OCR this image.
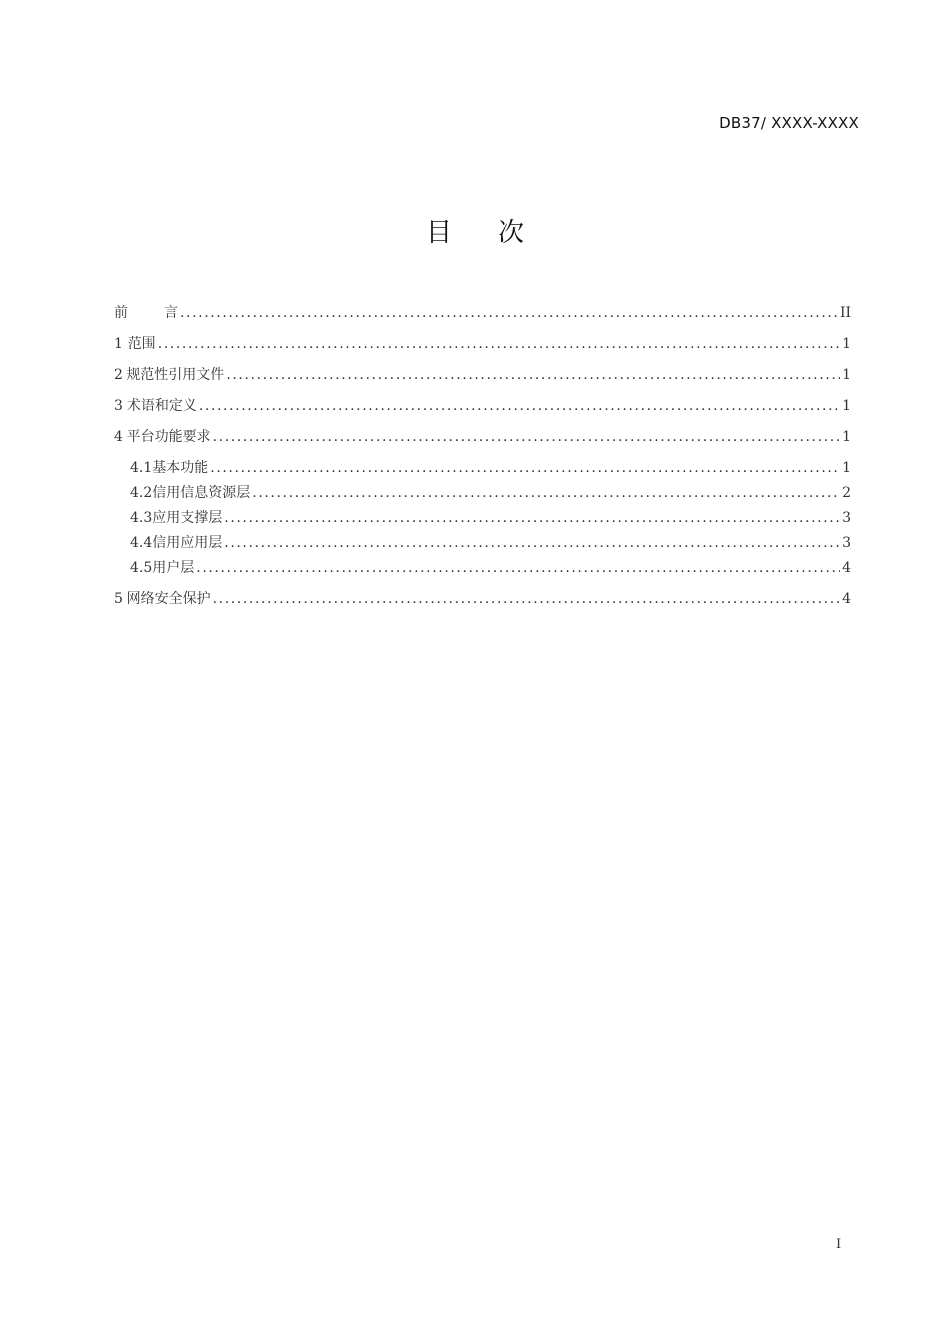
DB37/ XXXX-XXXX
目 次
前	言 .....	II
1 范围 .....	1
2 规范性引用文件 .....	1
3 术语和定义 .....	1
4 平台功能要求 .....	1
4.1 基本功能 .....	1
4.2 信用信息资源层 .....	2
4.3 应用支撑层 .....	3
4.4 信用应用层 .....	3
4.5 用户层 .....	4
5 网络安全保护 .....	4
I
